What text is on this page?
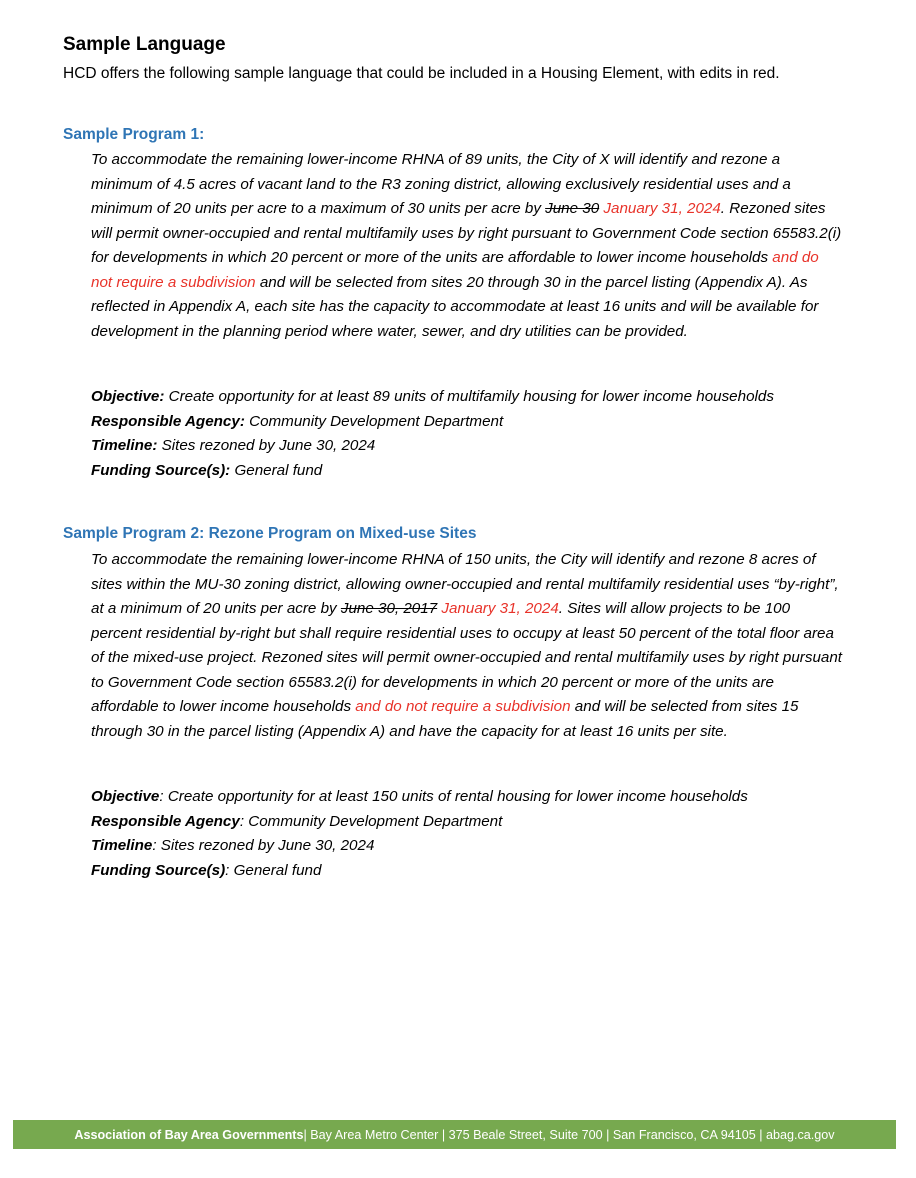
Sample Language
HCD offers the following sample language that could be included in a Housing Element, with edits in red.
Sample Program 1:
To accommodate the remaining lower-income RHNA of 89 units, the City of X will identify and rezone a minimum of 4.5 acres of vacant land to the R3 zoning district, allowing exclusively residential uses and a minimum of 20 units per acre to a maximum of 30 units per acre by June 30 January 31, 2024. Rezoned sites will permit owner-occupied and rental multifamily uses by right pursuant to Government Code section 65583.2(i) for developments in which 20 percent or more of the units are affordable to lower income households and do not require a subdivision and will be selected from sites 20 through 30 in the parcel listing (Appendix A). As reflected in Appendix A, each site has the capacity to accommodate at least 16 units and will be available for development in the planning period where water, sewer, and dry utilities can be provided.
Objective: Create opportunity for at least 89 units of multifamily housing for lower income households
Responsible Agency: Community Development Department
Timeline: Sites rezoned by June 30, 2024
Funding Source(s): General fund
Sample Program 2: Rezone Program on Mixed-use Sites
To accommodate the remaining lower-income RHNA of 150 units, the City will identify and rezone 8 acres of sites within the MU-30 zoning district, allowing owner-occupied and rental multifamily residential uses “by-right”, at a minimum of 20 units per acre by June 30, 2017 January 31, 2024. Sites will allow projects to be 100 percent residential by-right but shall require residential uses to occupy at least 50 percent of the total floor area of the mixed-use project. Rezoned sites will permit owner-occupied and rental multifamily uses by right pursuant to Government Code section 65583.2(i) for developments in which 20 percent or more of the units are affordable to lower income households and do not require a subdivision and will be selected from sites 15 through 30 in the parcel listing (Appendix A) and have the capacity for at least 16 units per site.
Objective: Create opportunity for at least 150 units of rental housing for lower income households
Responsible Agency: Community Development Department
Timeline: Sites rezoned by June 30, 2024
Funding Source(s): General fund
Association of Bay Area Governments | Bay Area Metro Center | 375 Beale Street, Suite 700 | San Francisco, CA 94105 | abag.ca.gov
